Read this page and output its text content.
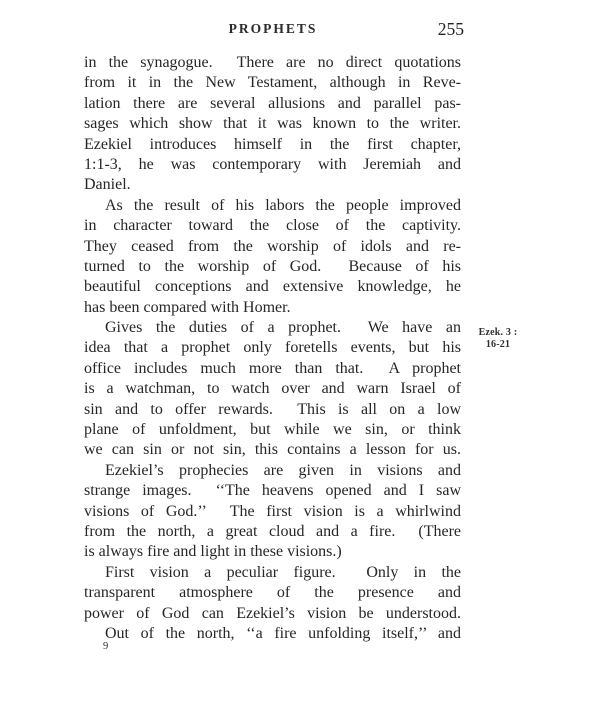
PROPHETS	255
in the synagogue.  There are no direct quotations
from it in the New Testament, although in Reve-
lation there are several allusions and parallel pas-
sages which show that it was known to the writer.
Ezekiel introduces himself in the first chapter,
1:1-3, he was contemporary with Jeremiah and
Daniel.
As the result of his labors the people improved
in character toward the close of the captivity.
They ceased from the worship of idols and re-
turned to the worship of God.  Because of his
beautiful conceptions and extensive knowledge, he
has been compared with Homer.
Gives the duties of a prophet.  We have an
idea that a prophet only foretells events, but his
office includes much more than that.  A prophet
is a watchman, to watch over and warn Israel of
sin and to offer rewards.  This is all on a low
plane of unfoldment, but while we sin, or think
we can sin or not sin, this contains a lesson for us.
Ezekiel’s prophecies are given in visions and
strange images.  ‘‘The heavens opened and I saw
visions of God.’’  The first vision is a whirlwind
from the north, a great cloud and a fire.  (There
is always fire and light in these visions.)
First vision a peculiar figure.  Only in the
transparent atmosphere of the presence and
power of God can Ezekiel’s vision be understood.
Out of the north, ‘‘a fire unfolding itself,’’ and
Ezek. 3 :
16-21
9
